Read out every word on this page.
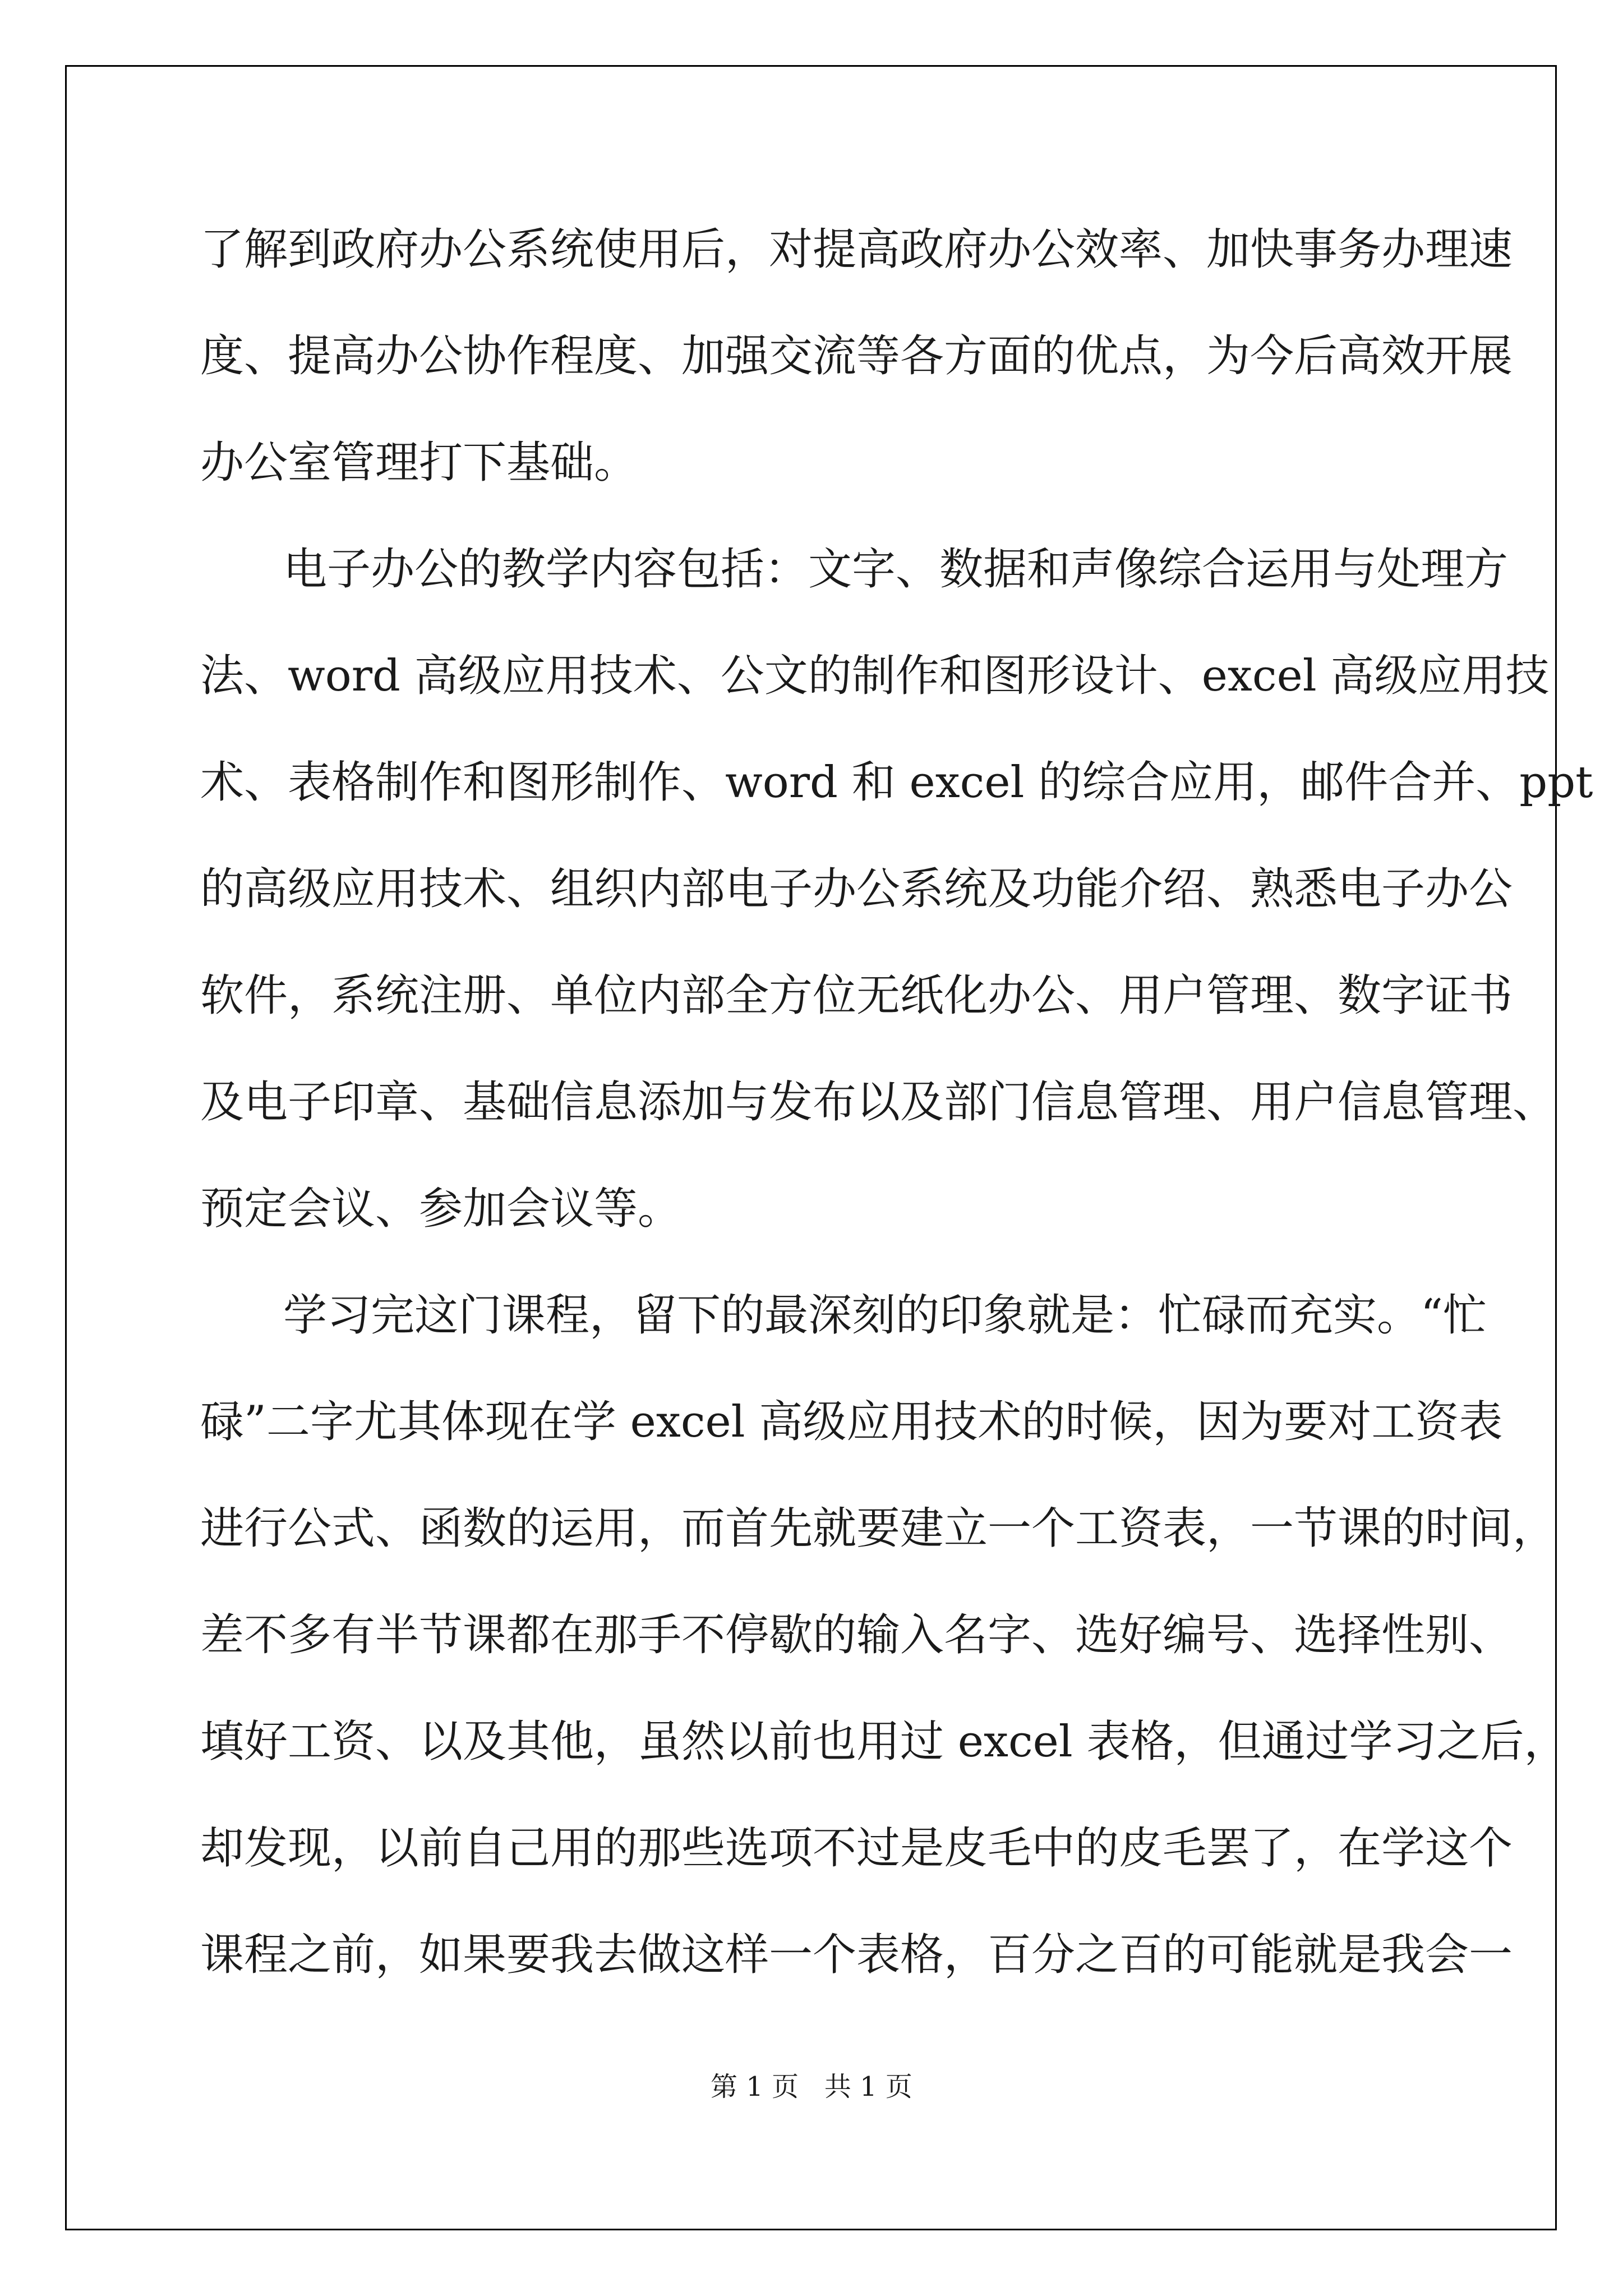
了解到政府办公系统使用后，对提高政府办公效率、加快事务办理速

度、提高办公协作程度、加强交流等各方面的优点，为今后高效开展

办公室管理打下基础。

电子办公的教学内容包括：文字、数据和声像综合运用与处理方

法、word 高级应用技术、公文的制作和图形设计、excel 高级应用技

术、表格制作和图形制作、word 和 excel 的综合应用，邮件合并、ppt

的高级应用技术、组织内部电子办公系统及功能介绍、熟悉电子办公

软件，系统注册、单位内部全方位无纸化办公、用户管理、数字证书

及电子印章、基础信息添加与发布以及部门信息管理、用户信息管理、

预定会议、参加会议等。

学习完这门课程，留下的最深刻的印象就是：忙碌而充实。“忙

碌”二字尤其体现在学 excel 高级应用技术的时候，因为要对工资表

进行公式、函数的运用，而首先就要建立一个工资表，一节课的时间，

差不多有半节课都在那手不停歇的输入名字、选好编号、选择性别、

填好工资、以及其他，虽然以前也用过 excel 表格，但通过学习之后，

却发现，以前自己用的那些选项不过是皮毛中的皮毛罢了，在学这个

课程之前，如果要我去做这样一个表格，百分之百的可能就是我会一

第 1 页   共 1 页
